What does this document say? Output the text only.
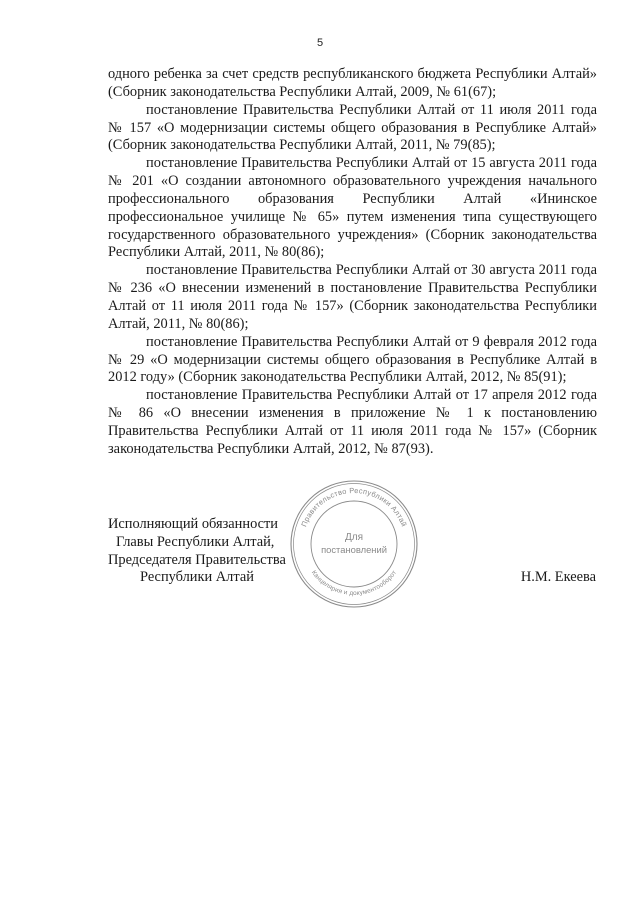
5

одного ребенка за счет средств республиканского бюджета Республики Алтай» (Сборник законодательства Республики Алтай, 2009, № 61(67);

постановление Правительства Республики Алтай от 11 июля 2011 года № 157 «О модернизации системы общего образования в Республике Алтай» (Сборник законодательства Республики Алтай, 2011, № 79(85);

постановление Правительства Республики Алтай от 15 августа 2011 года № 201 «О создании автономного образовательного учреждения начального профессионального образования Республики Алтай «Ининское профессиональное училище № 65» путем изменения типа существующего государственного образовательного учреждения» (Сборник законодательства Республики Алтай, 2011, № 80(86);

постановление Правительства Республики Алтай от 30 августа 2011 года № 236 «О внесении изменений в постановление Правительства Республики Алтай от 11 июля 2011 года № 157» (Сборник законодательства Республики Алтай, 2011, № 80(86);

постановление Правительства Республики Алтай от 9 февраля 2012 года № 29 «О модернизации системы общего образования в Республике Алтай в 2012 году» (Сборник законодательства Республики Алтай, 2012, № 85(91);

постановление Правительства Республики Алтай от 17 апреля 2012 года № 86 «О внесении изменения в приложение № 1 к постановлению Правительства Республики Алтай от 11 июля 2011 года № 157» (Сборник законодательства Республики Алтай, 2012, № 87(93).

Исполняющий обязанности
Главы Республики Алтай,
Председателя Правительства
Республики Алтай	Н.М. Екеева
Правительство Республики Алтай
Канцелярия и документооборот
Для
постановлений
